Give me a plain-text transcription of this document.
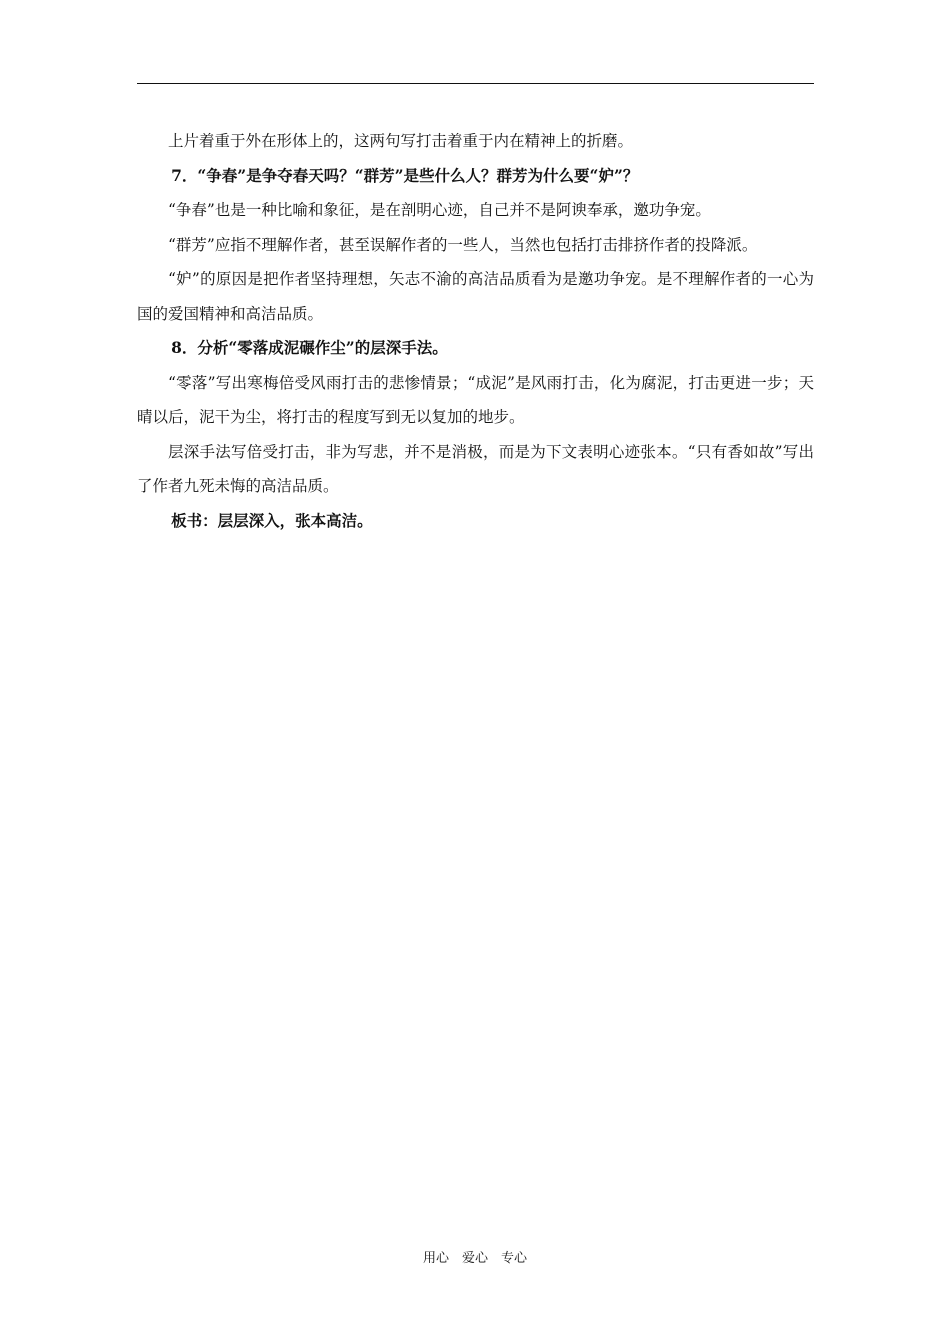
上片着重于外在形体上的，这两句写打击着重于内在精神上的折磨。

7．“争春”是争夺春天吗？“群芳”是些什么人？群芳为什么要“妒”？

“争春”也是一种比喻和象征，是在剖明心迹，自己并不是阿谀奉承，邀功争宠。

“群芳”应指不理解作者，甚至误解作者的一些人，当然也包括打击排挤作者的投降派。

“妒”的原因是把作者坚持理想，矢志不渝的高洁品质看为是邀功争宠。是不理解作者的一心为国的爱国精神和高洁品质。

8．分析“零落成泥碾作尘”的层深手法。

“零落”写出寒梅倍受风雨打击的悲惨情景；“成泥”是风雨打击，化为腐泥，打击更进一步；天晴以后，泥干为尘，将打击的程度写到无以复加的地步。

层深手法写倍受打击，非为写悲，并不是消极，而是为下文表明心迹张本。“只有香如故”写出了作者九死未悔的高洁品质。

板书：层层深入，张本高洁。

用心　爱心　专心
